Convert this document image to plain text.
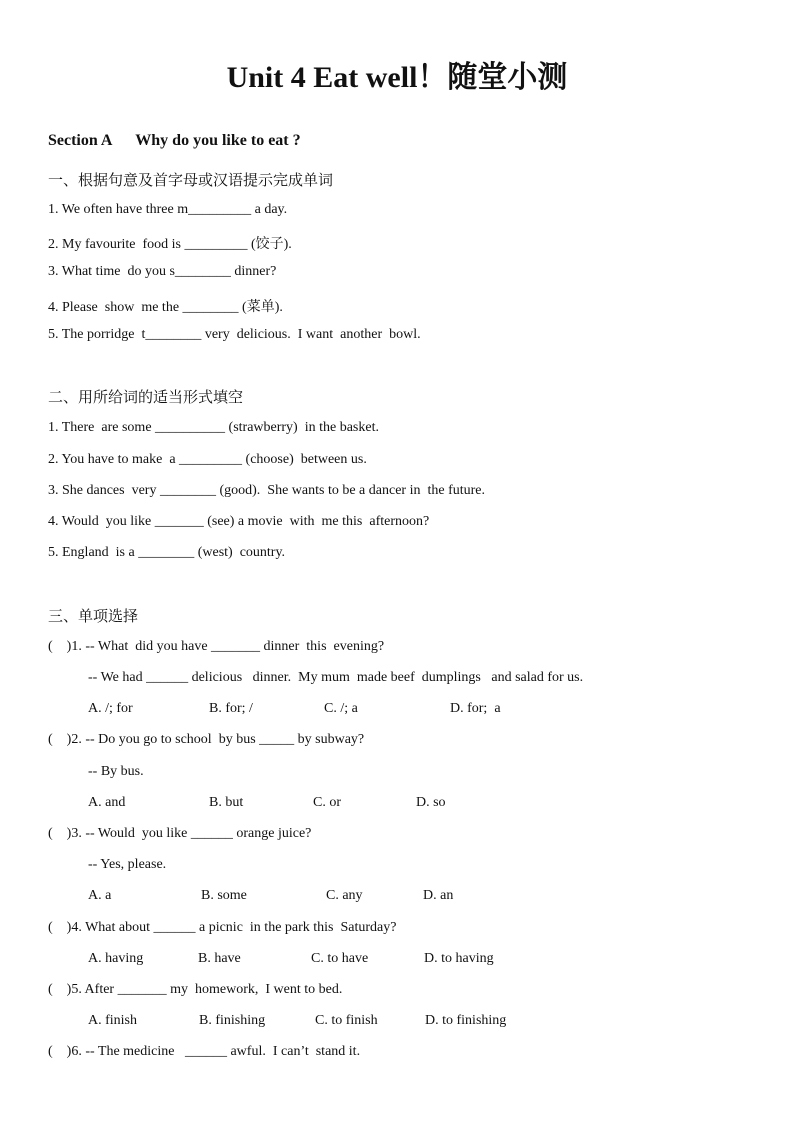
Unit 4 Eat well！随堂小测
Section A      Why do you like to eat ?
一、根据句意及首字母或汉语提示完成单词
1. We often have three m_________ a day.
2. My favourite  food is _________ (饺子).
3. What time  do you s________ dinner?
4. Please  show  me the ________ (菜单).
5. The porridge  t________ very  delicious.  I want  another  bowl.
二、用所给词的适当形式填空
1. There  are some __________ (strawberry)  in the basket.
2. You have to make  a _________ (choose)  between us.
3. She dances  very ________ (good).  She wants to be a dancer in  the future.
4. Would  you like _______ (see) a movie  with  me this  afternoon?
5. England  is a ________ (west)  country.
三、单项选择
(    )1. -- What  did you have _______ dinner  this  evening?
-- We had ______ delicious   dinner.  My mum  made beef  dumplings   and salad for us.
A. /; for	B. for; /	C. /; a	D. for;  a
(    )2. -- Do you go to school  by bus _____ by subway?
-- By bus.
A. and	B. but	C. or	D. so
(    )3. -- Would  you like ______ orange juice?
-- Yes, please.
A. a	B. some	C. any	D. an
(    )4. What about ______ a picnic  in the park this  Saturday?
A. having	B. have	C. to have	D. to having
(    )5. After _______ my  homework,  I went to bed.
A. finish	B. finishing	C. to finish	D. to finishing
(    )6. -- The medicine   ______ awful.  I can’t  stand it.
